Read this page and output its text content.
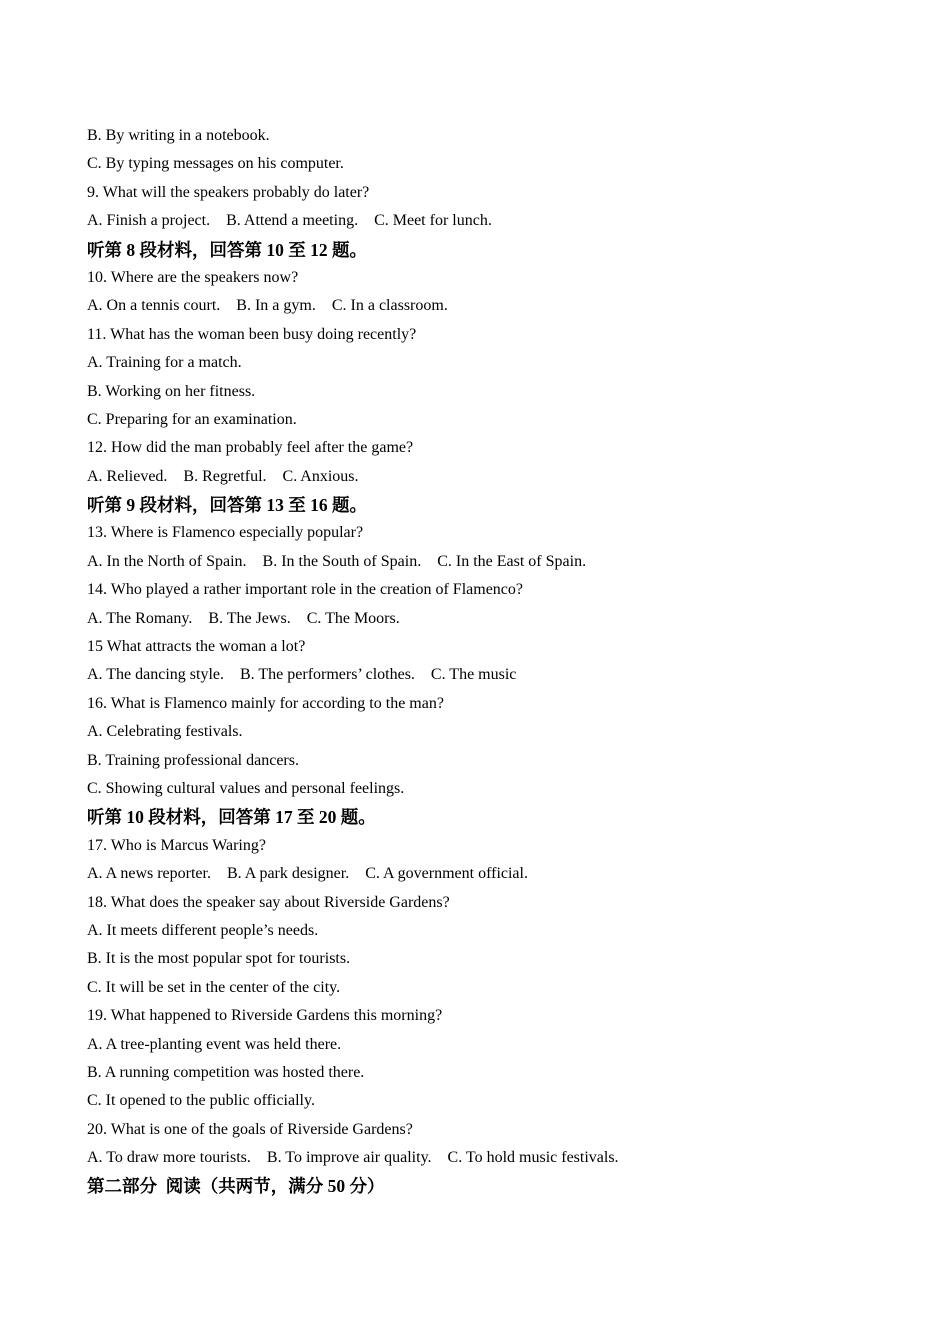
B. By writing in a notebook.
C. By typing messages on his computer.
9. What will the speakers probably do later?
A. Finish a project.    B. Attend a meeting.    C. Meet for lunch.
听第 8 段材料，回答第 10 至 12 题。
10. Where are the speakers now?
A. On a tennis court.    B. In a gym.    C. In a classroom.
11. What has the woman been busy doing recently?
A. Training for a match.
B. Working on her fitness.
C. Preparing for an examination.
12. How did the man probably feel after the game?
A. Relieved.    B. Regretful.    C. Anxious.
听第 9 段材料，回答第 13 至 16 题。
13. Where is Flamenco especially popular?
A. In the North of Spain.    B. In the South of Spain.    C. In the East of Spain.
14. Who played a rather important role in the creation of Flamenco?
A. The Romany.    B. The Jews.    C. The Moors.
15 What attracts the woman a lot?
A. The dancing style.    B. The performers’ clothes.    C. The music
16. What is Flamenco mainly for according to the man?
A. Celebrating festivals.
B. Training professional dancers.
C. Showing cultural values and personal feelings.
听第 10 段材料，回答第 17 至 20 题。
17. Who is Marcus Waring?
A. A news reporter.    B. A park designer.    C. A government official.
18. What does the speaker say about Riverside Gardens?
A. It meets different people’s needs.
B. It is the most popular spot for tourists.
C. It will be set in the center of the city.
19. What happened to Riverside Gardens this morning?
A. A tree-planting event was held there.
B. A running competition was hosted there.
C. It opened to the public officially.
20. What is one of the goals of Riverside Gardens?
A. To draw more tourists.    B. To improve air quality.    C. To hold music festivals.
第二部分  阅读（共两节，满分 50 分）
